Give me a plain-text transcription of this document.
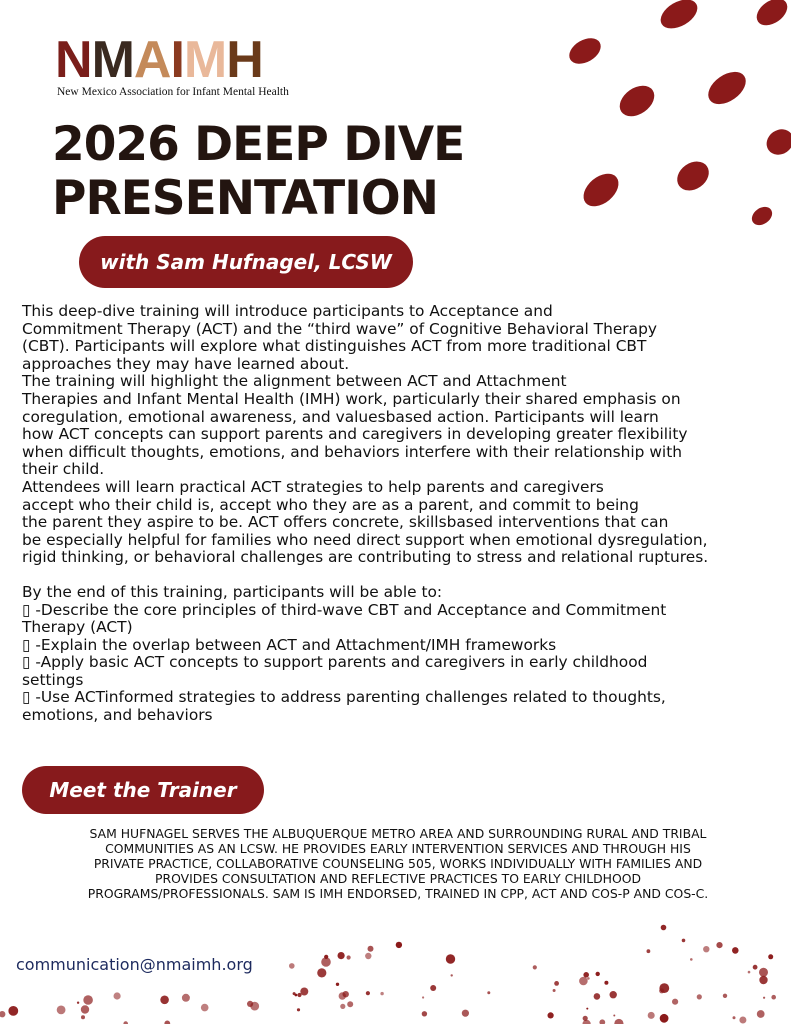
NMAIMH
New Mexico Association for Infant Mental Health
2026 DEEP DIVE
PRESENTATION
with Sam Hufnagel, LCSW

This deep-dive training will introduce participants to Acceptance and

Commitment Therapy (ACT) and the “third wave” of Cognitive Behavioral Therapy

(CBT). Participants will explore what distinguishes ACT from more traditional CBT

approaches they may have learned about.

The training will highlight the alignment between ACT and Attachment

Therapies and Infant Mental Health (IMH) work, particularly their shared emphasis on

coregulation, emotional awareness, and valuesbased action. Participants will learn

how ACT concepts can support parents and caregivers in developing greater flexibility

when difficult thoughts, emotions, and behaviors interfere with their relationship with

their child.

Attendees will learn practical ACT strategies to help parents and caregivers

accept who their child is, accept who they are as a parent, and commit to being

the parent they aspire to be. ACT offers concrete, skillsbased interventions that can

be especially helpful for families who need direct support when emotional dysregulation,

rigid thinking, or behavioral challenges are contributing to stress and relational ruptures.

By the end of this training, participants will be able to:

▯ -Describe the core principles of third-wave CBT and Acceptance and Commitment

Therapy (ACT)

▯ -Explain the overlap between ACT and Attachment/IMH frameworks

▯ -Apply basic ACT concepts to support parents and caregivers in early childhood

settings

▯ -Use ACTinformed strategies to address parenting challenges related to thoughts,

emotions, and behaviors

Meet the Trainer
SAM HUFNAGEL SERVES THE ALBUQUERQUE METRO AREA AND SURROUNDING RURAL AND TRIBAL
COMMUNITIES AS AN LCSW. HE PROVIDES EARLY INTERVENTION SERVICES AND THROUGH HIS
PRIVATE PRACTICE, COLLABORATIVE COUNSELING 505, WORKS INDIVIDUALLY WITH FAMILIES AND
PROVIDES CONSULTATION AND REFLECTIVE PRACTICES TO EARLY CHILDHOOD
PROGRAMS/PROFESSIONALS. SAM IS IMH ENDORSED, TRAINED IN CPP, ACT AND COS-P AND COS-C.
communication@nmaimh.org
